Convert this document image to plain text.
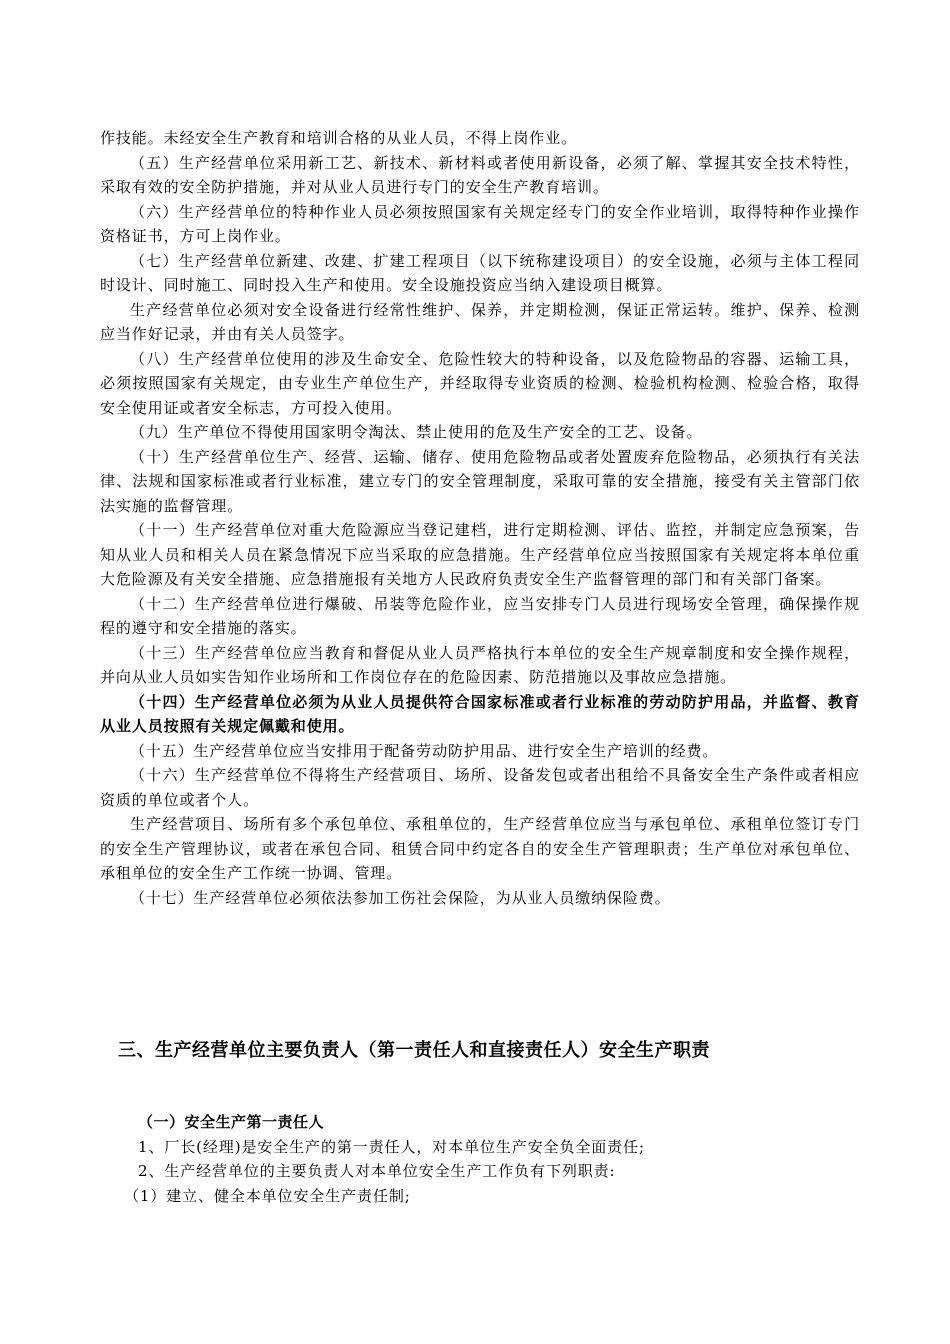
作技能。未经安全生产教育和培训合格的从业人员，不得上岗作业。

（五）生产经营单位采用新工艺、新技术、新材料或者使用新设备，必须了解、掌握其安全技术特性，采取有效的安全防护措施，并对从业人员进行专门的安全生产教育培训。

（六）生产经营单位的特种作业人员必须按照国家有关规定经专门的安全作业培训，取得特种作业操作资格证书，方可上岗作业。

（七）生产经营单位新建、改建、扩建工程项目（以下统称建设项目）的安全设施，必须与主体工程同时设计、同时施工、同时投入生产和使用。安全设施投资应当纳入建设项目概算。

生产经营单位必须对安全设备进行经常性维护、保养，并定期检测，保证正常运转。维护、保养、检测应当作好记录，并由有关人员签字。

（八）生产经营单位使用的涉及生命安全、危险性较大的特种设备，以及危险物品的容器、运输工具，必须按照国家有关规定，由专业生产单位生产，并经取得专业资质的检测、检验机构检测、检验合格，取得安全使用证或者安全标志，方可投入使用。

（九）生产单位不得使用国家明令淘汰、禁止使用的危及生产安全的工艺、设备。

（十）生产经营单位生产、经营、运输、储存、使用危险物品或者处置废弃危险物品，必须执行有关法律、法规和国家标准或者行业标准，建立专门的安全管理制度，采取可靠的安全措施，接受有关主管部门依法实施的监督管理。

（十一）生产经营单位对重大危险源应当登记建档，进行定期检测、评估、监控，并制定应急预案，告知从业人员和相关人员在紧急情况下应当采取的应急措施。生产经营单位应当按照国家有关规定将本单位重大危险源及有关安全措施、应急措施报有关地方人民政府负责安全生产监督管理的部门和有关部门备案。

（十二）生产经营单位进行爆破、吊装等危险作业，应当安排专门人员进行现场安全管理，确保操作规程的遵守和安全措施的落实。

（十三）生产经营单位应当教育和督促从业人员严格执行本单位的安全生产规章制度和安全操作规程，并向从业人员如实告知作业场所和工作岗位存在的危险因素、防范措施以及事故应急措施。

（十四）生产经营单位必须为从业人员提供符合国家标准或者行业标准的劳动防护用品，并监督、教育从业人员按照有关规定佩戴和使用。

（十五）生产经营单位应当安排用于配备劳动防护用品、进行安全生产培训的经费。

（十六）生产经营单位不得将生产经营项目、场所、设备发包或者出租给不具备安全生产条件或者相应资质的单位或者个人。

生产经营项目、场所有多个承包单位、承租单位的，生产经营单位应当与承包单位、承租单位签订专门的安全生产管理协议，或者在承包合同、租赁合同中约定各自的安全生产管理职责；生产单位对承包单位、承租单位的安全生产工作统一协调、管理。

（十七）生产经营单位必须依法参加工伤社会保险，为从业人员缴纳保险费。

三、生产经营单位主要负责人（第一责任人和直接责任人）安全生产职责

（一）安全生产第一责任人

1、厂长(经理)是安全生产的第一责任人，对本单位生产安全负全面责任;

2、生产经营单位的主要负责人对本单位安全生产工作负有下列职责:

（1）建立、健全本单位安全生产责任制;
